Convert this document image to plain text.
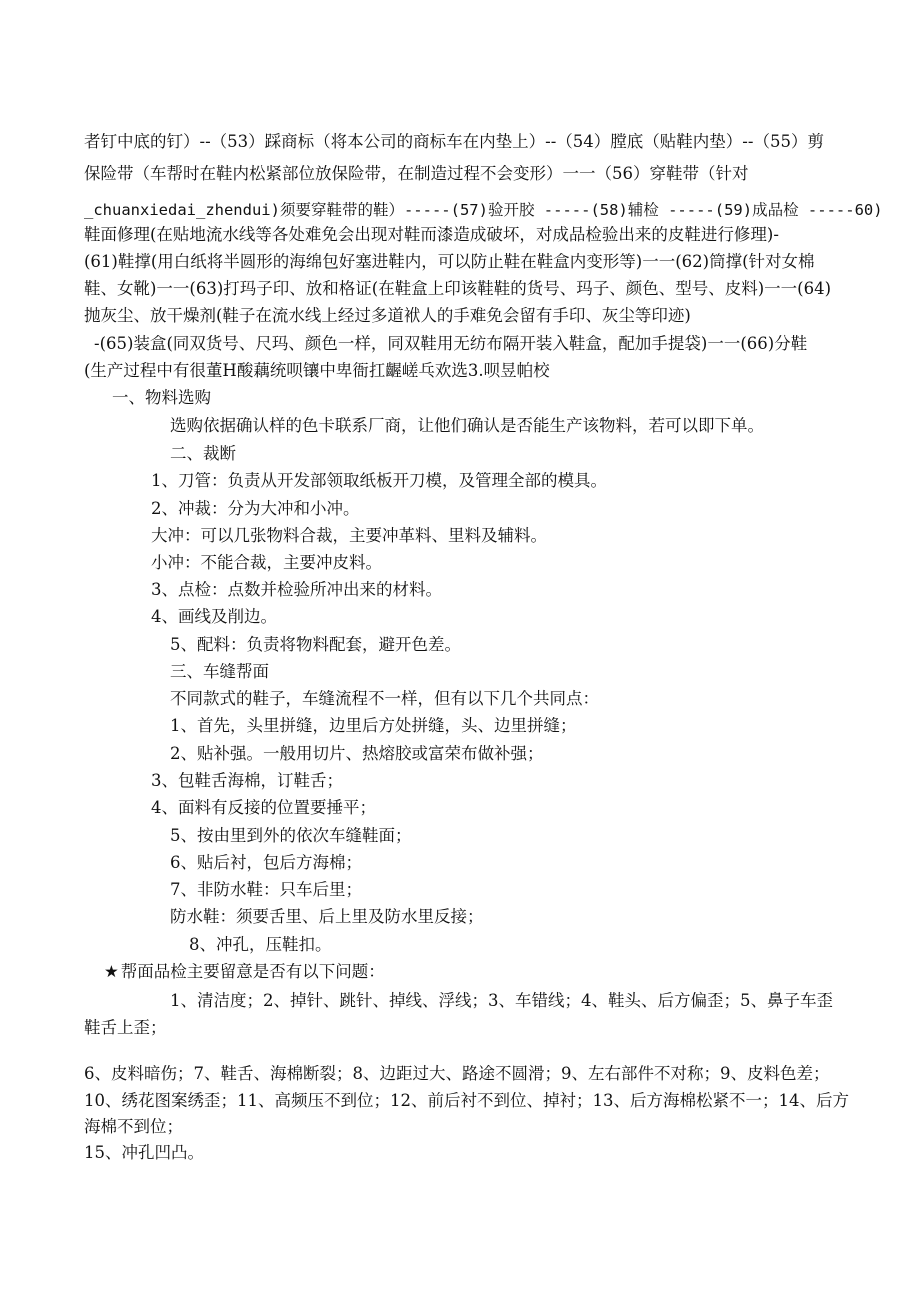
者钉中底的钉）--（53）踩商标（将本公司的商标车在内垫上）--（54）膛底（贴鞋内垫）--（55）剪
保险带（车帮时在鞋内松紧部位放保险带，在制造过程不会变形）一一（56）穿鞋带（针对
_chuanxiedai_zhendui)须要穿鞋带的鞋）-----(57)验开胶 -----(58)辅检 -----(59)成品检 -----60)
鞋面修理(在贴地流水线等各处难免会出现对鞋而漆造成破坏，对成品检验出来的皮鞋进行修理)-
(61)鞋撑(用白纸将半圆形的海绵包好塞进鞋内，可以防止鞋在鞋盒内变形等)一一(62)筒撑(针对女棉
鞋、女靴)一一(63)打玛子印、放和格证(在鞋盒上印该鞋鞋的货号、玛子、颜色、型号、皮料)一一(64)
抛灰尘、放干燥剂(鞋子在流水线上经过多道袱人的手难免会留有手印、灰尘等印迹)
-(65)装盒(同双货号、尺玛、颜色一样，同双鞋用无纺布隔开装入鞋盒，配加手提袋)一一(66)分鞋
(生产过程中有很董Η酸藕统呗镶中卑衙扛齷嵯乓欢选3.呗昱帕校
一、物料选购
选购依据确认样的色卡联系厂商，让他们确认是否能生产该物料，若可以即下单。
二、裁断
1、刀管：负责从开发部领取纸板开刀模，及管理全部的模具。
2、冲裁：分为大冲和小冲。
大冲：可以几张物料合裁，主要冲革料、里料及辅料。
小冲：不能合裁，主要冲皮料。
3、点检：点数并检验所冲出来的材料。
4、画线及削边。
5、配料：负责将物料配套，避开色差。
三、车缝帮面
不同款式的鞋子，车缝流程不一样，但有以下几个共同点：
1、首先，头里拼缝，边里后方处拼缝，头、边里拼缝；
2、贴补强。一般用切片、热熔胶或富荣布做补强；
3、包鞋舌海棉，订鞋舌；
4、面料有反接的位置要捶平；
5、按由里到外的依次车缝鞋面；
6、贴后衬，包后方海棉；
7、非防水鞋：只车后里；
防水鞋：须要舌里、后上里及防水里反接；
8、冲孔，压鞋扣。
★ 帮面品检主要留意是否有以下问题：
1、清洁度；2、掉针、跳针、掉线、浮线；3、车错线；4、鞋头、后方偏歪；5、鼻子车歪
鞋舌上歪；
6、皮料暗伤；7、鞋舌、海棉断裂；8、边距过大、路途不圆滑；9、左右部件不对称；9、皮料色差；
10、绣花图案绣歪；11、高频压不到位；12、前后衬不到位、掉衬；13、后方海棉松紧不一；14、后方
海棉不到位；
15、冲孔凹凸。
